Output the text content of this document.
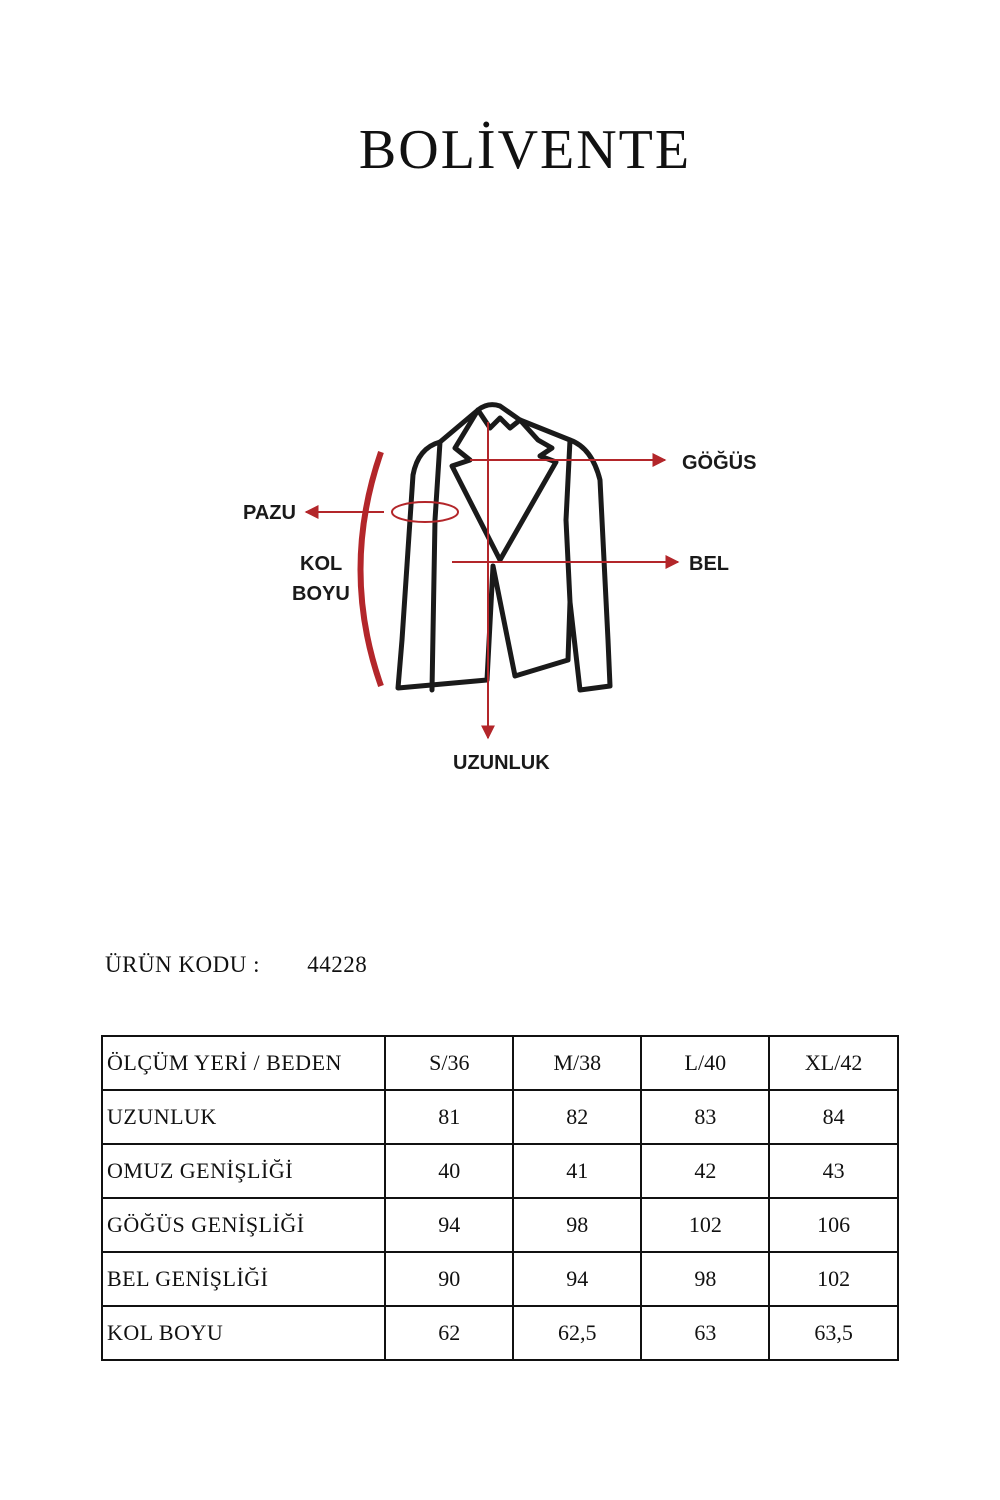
BOLİVENTE
GÖĞÜS
PAZU
KOL
BOYU
BEL
UZUNLUK
ÜRÜN KODU : 44228
ÖLÇÜM YERİ / BEDEN	S/36	M/38	L/40	XL/42
UZUNLUK	81	82	83	84
OMUZ GENİŞLİĞİ	40	41	42	43
GÖĞÜS GENİŞLİĞİ	94	98	102	106
BEL GENİŞLİĞİ	90	94	98	102
KOL BOYU	62	62,5	63	63,5
